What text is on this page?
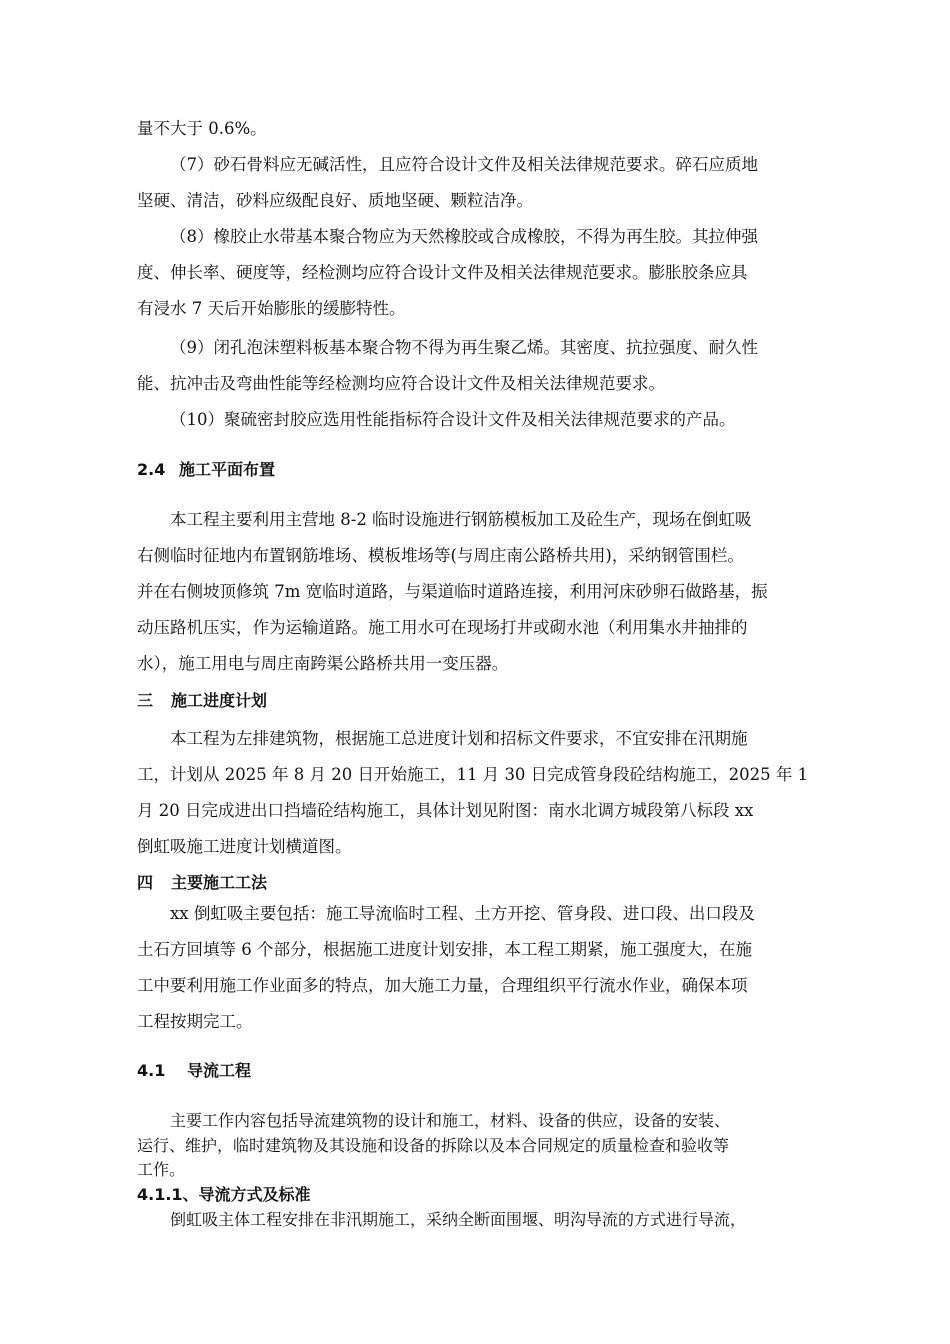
量不大于 0.6%。
（7）砂石骨料应无碱活性，且应符合设计文件及相关法律规范要求。碎石应质地
坚硬、清洁，砂料应级配良好、质地坚硬、颗粒洁净。
（8）橡胶止水带基本聚合物应为天然橡胶或合成橡胶，不得为再生胶。其拉伸强
度、伸长率、硬度等，经检测均应符合设计文件及相关法律规范要求。膨胀胶条应具
有浸水 7 天后开始膨胀的缓膨特性。
（9）闭孔泡沫塑料板基本聚合物不得为再生聚乙烯。其密度、抗拉强度、耐久性
能、抗冲击及弯曲性能等经检测均应符合设计文件及相关法律规范要求。
（10）聚硫密封胶应选用性能指标符合设计文件及相关法律规范要求的产品。
2.4 施工平面布置
本工程主要利用主营地 8-2 临时设施进行钢筋模板加工及砼生产，现场在倒虹吸
右侧临时征地内布置钢筋堆场、模板堆场等(与周庄南公路桥共用)，采纳钢管围栏。
并在右侧坡顶修筑 7m 宽临时道路，与渠道临时道路连接，利用河床砂卵石做路基，振
动压路机压实，作为运输道路。施工用水可在现场打井或砌水池（利用集水井抽排的
水），施工用电与周庄南跨渠公路桥共用一变压器。
三 施工进度计划
本工程为左排建筑物，根据施工总进度计划和招标文件要求，不宜安排在汛期施
工，计划从 2025 年 8 月 20 日开始施工，11 月 30 日完成管身段砼结构施工，2025 年 1
月 20 日完成进出口挡墙砼结构施工，具体计划见附图：南水北调方城段第八标段 xx
倒虹吸施工进度计划横道图。
四 主要施工工法
xx 倒虹吸主要包括：施工导流临时工程、土方开挖、管身段、进口段、出口段及
土石方回填等 6 个部分，根据施工进度计划安排，本工程工期紧，施工强度大，在施
工中要利用施工作业面多的特点，加大施工力量，合理组织平行流水作业，确保本项
工程按期完工。
4.1 导流工程
主要工作内容包括导流建筑物的设计和施工，材料、设备的供应，设备的安装、
运行、维护，临时建筑物及其设施和设备的拆除以及本合同规定的质量检查和验收等
工作。
4.1.1、导流方式及标准
倒虹吸主体工程安排在非汛期施工，采纳全断面围堰、明沟导流的方式进行导流，
